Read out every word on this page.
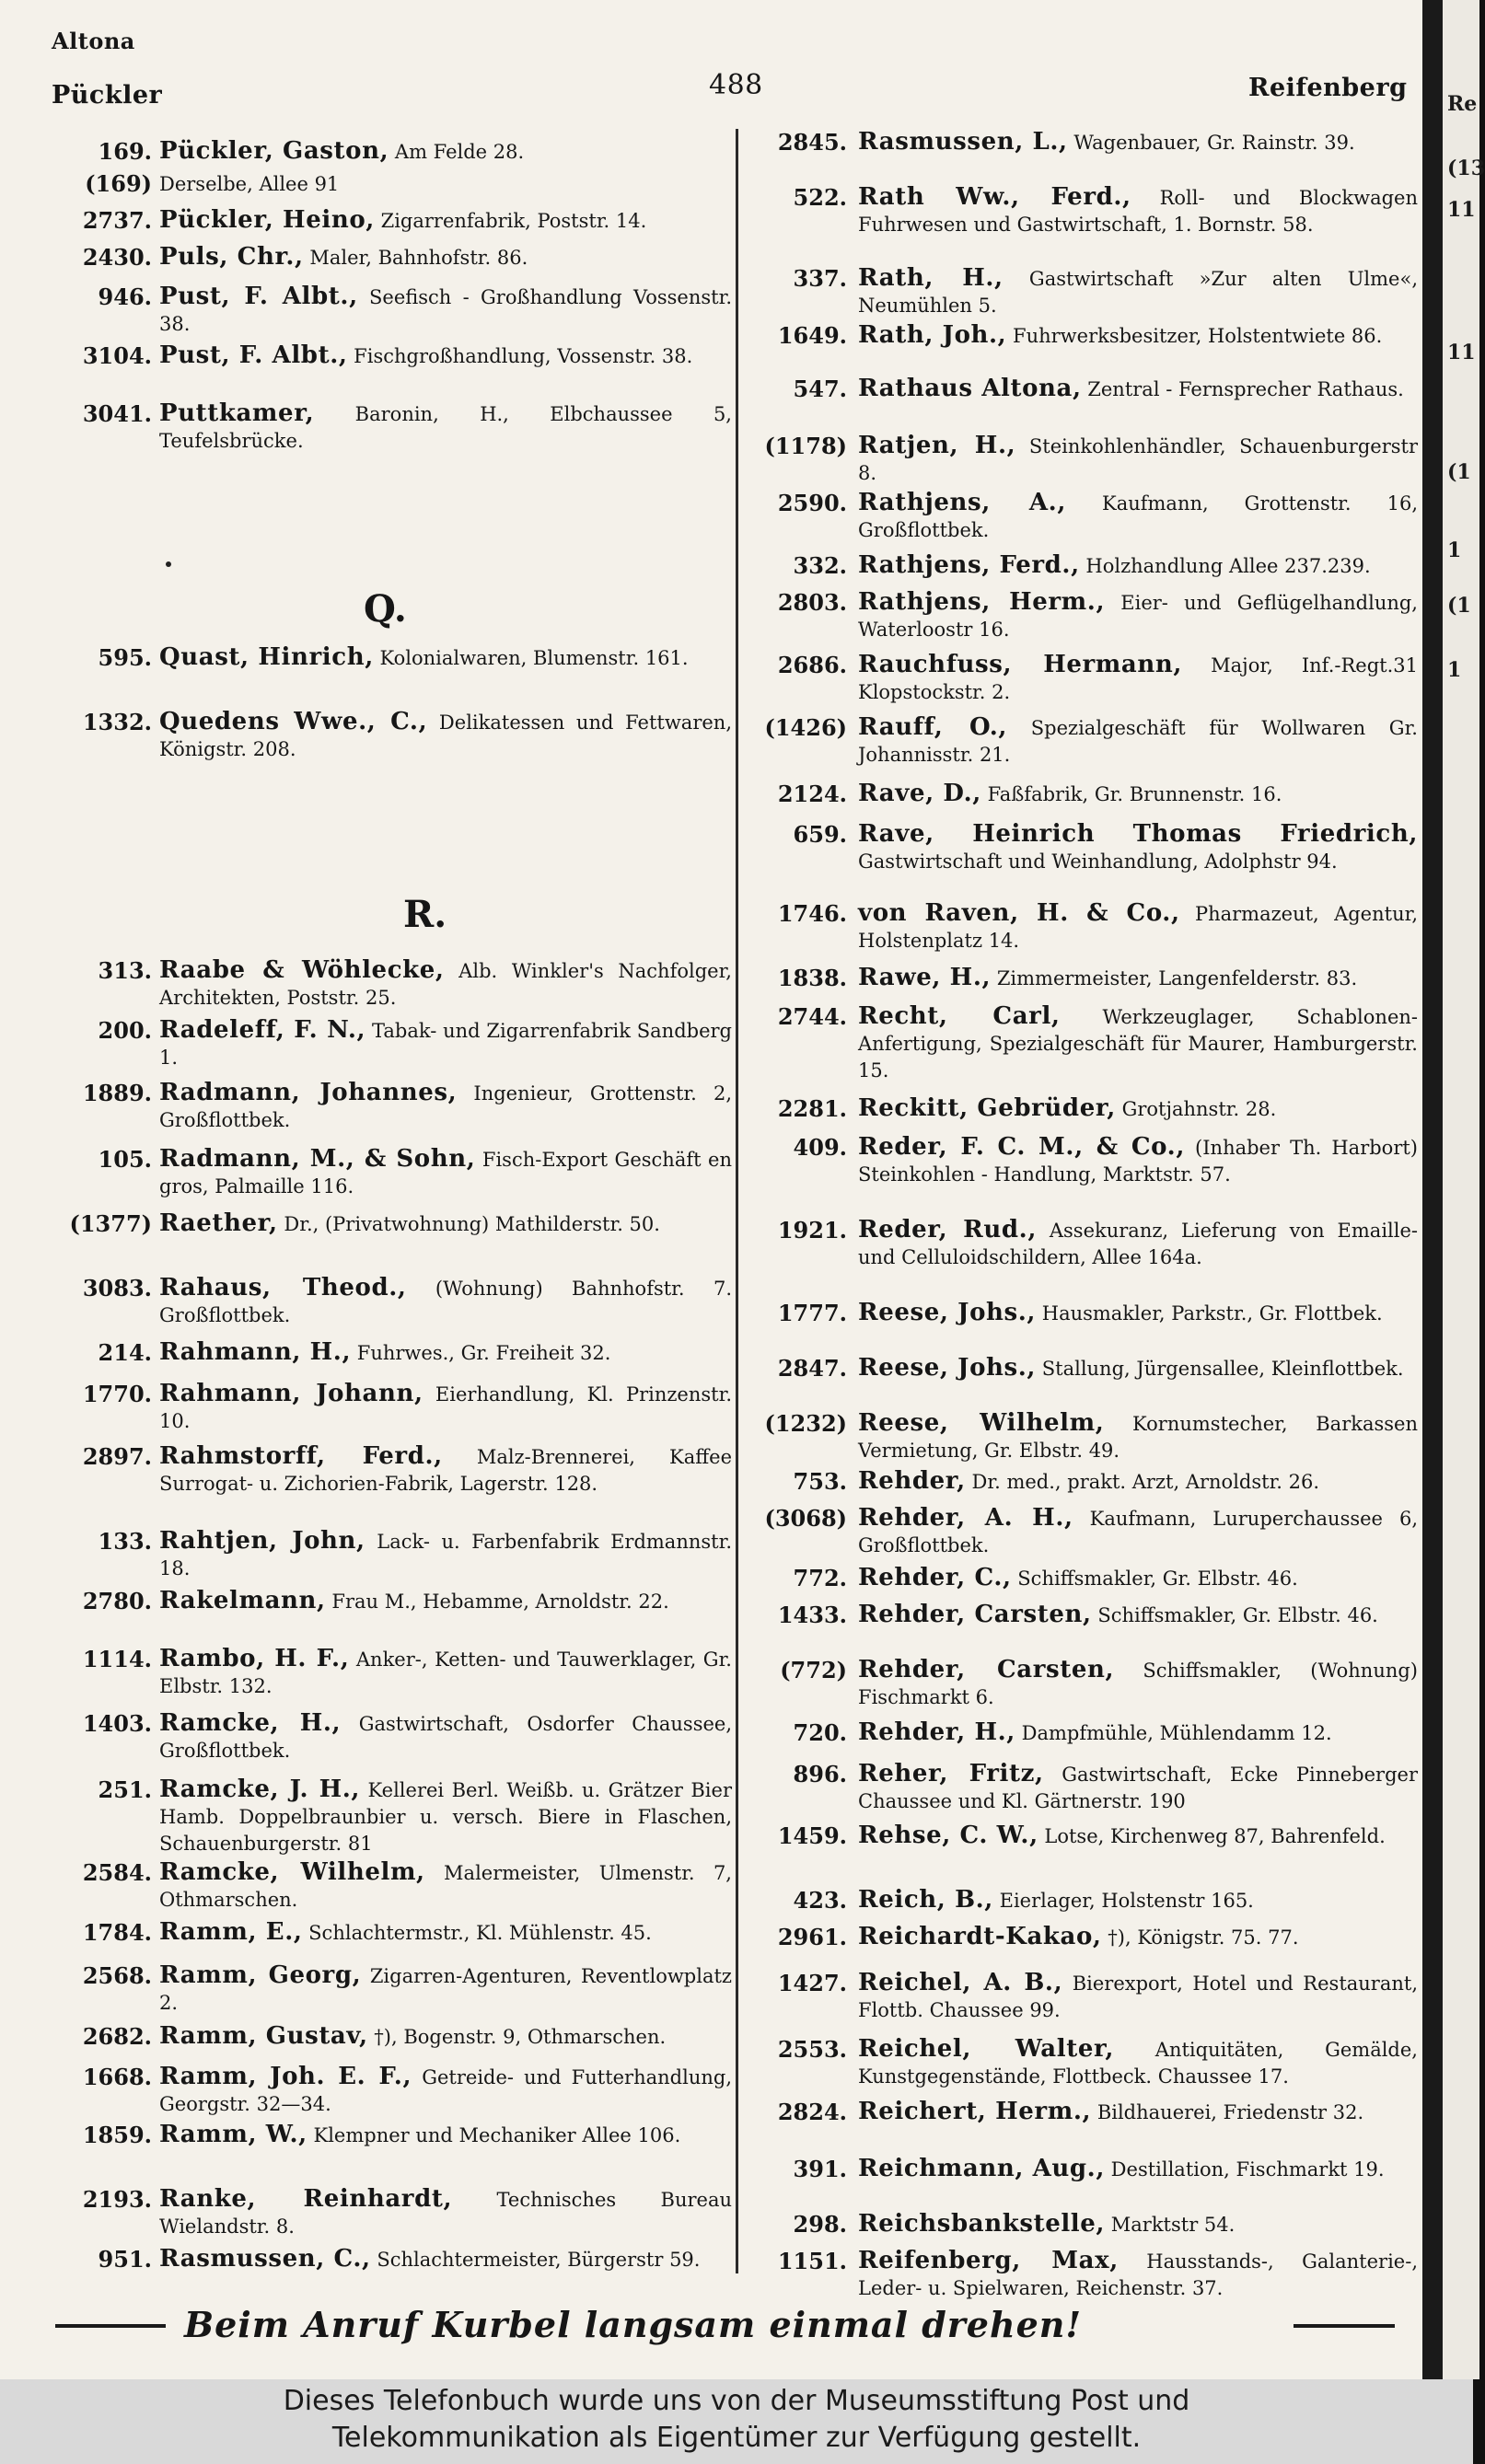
Altona
Pückler	488	Reifenberg
169. Pückler, Gaston, Am Felde 28.
(169) Derselbe, Allee 91
2737. Pückler, Heino, Zigarrenfabrik, Poststr. 14.
2430. Puls, Chr., Maler, Bahnhofstr. 86.
946. Pust, F. Albt., Seefisch - Großhandlung Vossenstr. 38.
3104. Pust, F. Albt., Fischgroßhandlung, Vossenstr. 38.
3041. Puttkamer, Baronin, H., Elbchaussee 5, Teufelsbrücke.
595. Quast, Hinrich, Kolonialwaren, Blumenstr. 161.
1332. Quedens Wwe., C., Delikatessen und Fettwaren, Königstr. 208.
313. Raabe & Wöhlecke, Alb. Winkler's Nachfolger, Architekten, Poststr. 25.
200. Radeleff, F. N., Tabak- und Zigarrenfabrik Sandberg 1.
1889. Radmann, Johannes, Ingenieur, Grottenstr. 2, Großflottbek.
105. Radmann, M., & Sohn, Fisch-Export Geschäft en gros, Palmaille 116.
(1377) Raether, Dr., (Privatwohnung) Mathilderstr. 50.
3083. Rahaus, Theod., (Wohnung) Bahnhofstr. 7. Großflottbek.
214. Rahmann, H., Fuhrwes., Gr. Freiheit 32.
1770. Rahmann, Johann, Eierhandlung, Kl. Prinzenstr. 10.
2897. Rahmstorff, Ferd., Malz-Brennerei, Kaffee Surrogat- u. Zichorien-Fabrik, Lagerstr. 128.
133. Rahtjen, John, Lack- u. Farbenfabrik Erdmannstr. 18.
2780. Rakelmann, Frau M., Hebamme, Arnoldstr. 22.
1114. Rambo, H. F., Anker-, Ketten- und Tauwerklager, Gr. Elbstr. 132.
1403. Ramcke, H., Gastwirtschaft, Osdorfer Chaussee, Großflottbek.
251. Ramcke, J. H., Kellerei Berl. Weißb. u. Grätzer Bier Hamb. Doppelbraunbier u. versch. Biere in Flaschen, Schauenburgerstr. 81
2584. Ramcke, Wilhelm, Malermeister, Ulmenstr. 7, Othmarschen.
1784. Ramm, E., Schlachtermstr., Kl. Mühlenstr. 45.
2568. Ramm, Georg, Zigarren-Agenturen, Reventlowplatz 2.
2682. Ramm, Gustav, †), Bogenstr. 9, Othmarschen.
1668. Ramm, Joh. E. F., Getreide- und Futterhandlung, Georgstr. 32—34.
1859. Ramm, W., Klempner und Mechaniker Allee 106.
2193. Ranke, Reinhardt, Technisches Bureau Wielandstr. 8.
951. Rasmussen, C., Schlachtermeister, Bürgerstr 59.
2845. Rasmussen, L., Wagenbauer, Gr. Rainstr. 39.
522. Rath Ww., Ferd., Roll- und Blockwagen Fuhrwesen und Gastwirtschaft, 1. Bornstr. 58.
337. Rath, H., Gastwirtschaft »Zur alten Ulme«, Neumühlen 5.
1649. Rath, Joh., Fuhrwerksbesitzer, Holstentwiete 86.
547. Rathaus Altona, Zentral - Fernsprecher Rathaus.
(1178) Ratjen, H., Steinkohlenhändler, Schauenburgerstr 8.
2590. Rathjens, A., Kaufmann, Grottenstr. 16, Großflottbek.
332. Rathjens, Ferd., Holzhandlung Allee 237.239.
2803. Rathjens, Herm., Eier- und Geflügelhandlung, Waterloostr 16.
2686. Rauchfuss, Hermann, Major, Inf.-Regt.31 Klopstockstr. 2.
(1426) Rauff, O., Spezialgeschäft für Wollwaren Gr. Johannisstr. 21.
2124. Rave, D., Faßfabrik, Gr. Brunnenstr. 16.
659. Rave, Heinrich Thomas Friedrich, Gastwirtschaft und Weinhandlung, Adolphstr 94.
1746. von Raven, H. & Co., Pharmazeut, Agentur, Holstenplatz 14.
1838. Rawe, H., Zimmermeister, Langenfelderstr. 83.
2744. Recht, Carl, Werkzeuglager, Schablonen-Anfertigung, Spezialgeschäft für Maurer, Hamburgerstr. 15.
2281. Reckitt, Gebrüder, Grotjahnstr. 28.
409. Reder, F. C. M., & Co., (Inhaber Th. Harbort) Steinkohlen - Handlung, Marktstr. 57.
1921. Reder, Rud., Assekuranz, Lieferung von Emaille- und Celluloidschildern, Allee 164a.
1777. Reese, Johs., Hausmakler, Parkstr., Gr. Flottbek.
2847. Reese, Johs., Stallung, Jürgensallee, Kleinflottbek.
(1232) Reese, Wilhelm, Kornumstecher, Barkassen Vermietung, Gr. Elbstr. 49.
753. Rehder, Dr. med., prakt. Arzt, Arnoldstr. 26.
(3068) Rehder, A. H., Kaufmann, Luruperchaussee 6, Großflottbek.
772. Rehder, C., Schiffsmakler, Gr. Elbstr. 46.
1433. Rehder, Carsten, Schiffsmakler, Gr. Elbstr. 46.
(772) Rehder, Carsten, Schiffsmakler, (Wohnung) Fischmarkt 6.
720. Rehder, H., Dampfmühle, Mühlendamm 12.
896. Reher, Fritz, Gastwirtschaft, Ecke Pinneberger Chaussee und Kl. Gärtnerstr. 190
1459. Rehse, C. W., Lotse, Kirchenweg 87, Bahrenfeld.
423. Reich, B., Eierlager, Holstenstr 165.
2961. Reichardt-Kakao, †), Königstr. 75. 77.
1427. Reichel, A. B., Bierexport, Hotel und Restaurant, Flottb. Chaussee 99.
2553. Reichel, Walter, Antiquitäten, Gemälde, Kunstgegenstände, Flottbeck. Chaussee 17.
2824. Reichert, Herm., Bildhauerei, Friedenstr 32.
391. Reichmann, Aug., Destillation, Fischmarkt 19.
298. Reichsbankstelle, Marktstr 54.
1151. Reifenberg, Max, Hausstands-, Galanterie-, Leder- u. Spielwaren, Reichenstr. 37.
Q.
R.
Beim Anruf Kurbel langsam einmal drehen!
Re
(13
11
11
(1
1
(1
1
Dieses Telefonbuch wurde uns von der Museumsstiftung Post und
Telekommunikation als Eigentümer zur Verfügung gestellt.
